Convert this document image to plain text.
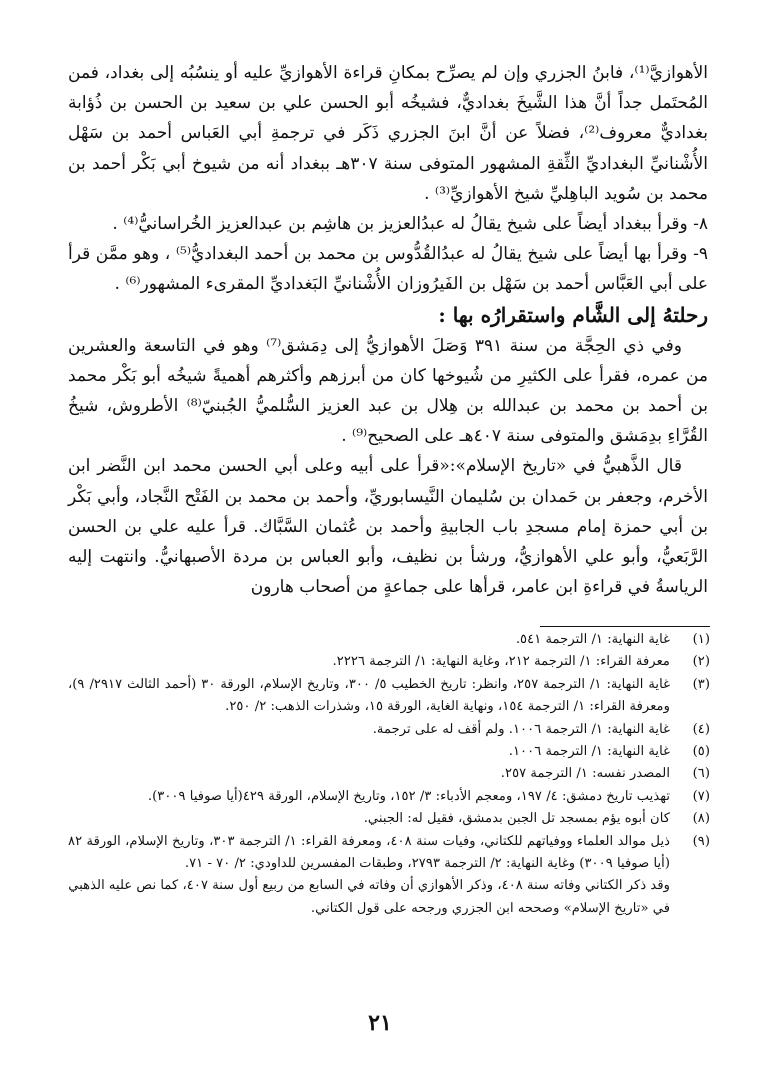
الأهوازيَّ⁽¹⁾، فابنُ الجزري وإن لم يصرِّح بمكانِ قراءة الأهوازيِّ عليه أو ينسُبُه إلى بغداد، فمن المُحتَمل جداً أنَّ هذا الشَّيخَ بغداديٌّ، فشيخُه أبو الحسن علي بن سعيد بن الحسن بن ذُؤابة بغداديٌّ معروف⁽²⁾، فضلاً عن أنَّ ابنَ الجزري ذَكَر في ترجمةِ أبي العَباس أحمد بن سَهْل الأُشْنانيِّ البغداديِّ الثِّقةِ المشهور المتوفى سنة ٣٠٧هـ ببغداد أنه من شيوخ أبي بَكْر أحمد بن محمد بن سُويد الباهِليِّ شيخ الأهوازيِّ⁽³⁾ .

٨- وقرأ ببغداد أيضاً على شيخ يقالُ له عبدُالعزيز بن هاشِم بن عبدالعزيز الخُراسانيُّ⁽⁴⁾ .

٩- وقرأ بها أيضاً على شيخ يقالُ له عبدُالقُدُّوس بن محمد بن أحمد البغداديُّ⁽⁵⁾ ، وهو ممَّن قرأ على أبي العَبَّاس أحمد بن سَهْل بن الفَيرُوزان الأُشْنانيِّ البَغداديِّ المقرىء المشهور⁽⁶⁾ .

رحلتهُ إلى الشَّام واستقرارُه بها :

وفي ذي الحِجَّة من سنة ٣٩١ وَصَلَ الأهوازيُّ إلى دِمَشق⁽⁷⁾ وهو في التاسعة والعشرين من عمره، فقرأ على الكثيرِ من شُيوخها كان من أبرزهم وأكثرهم أهميةً شيخُه أبو بَكْر محمد بن أحمد بن محمد بن عبدالله بن هِلال بن عبد العزيز السُّلميُّ الجُبنيّ⁽⁸⁾ الأطروش، شيخُ القُرَّاءِ بدِمَشق والمتوفى سنة ٤٠٧هـ على الصحيح⁽⁹⁾ .

قال الذَّهبيُّ في «تاريخ الإسلام»:«قرأ على أبيه وعلى أبي الحسن محمد ابن النَّضر ابن الأخرم، وجعفر بن حَمدان بن سُليمان النَّيسابوريِّ، وأحمد بن محمد بن الفَتْح النَّجاد، وأبي بَكْر بن أبي حمزة إمام مسجدِ باب الجابيةِ وأحمد بن عُثمان السَّبَّاك. قرأ عليه علي بن الحسن الرَّبَعيُّ، وأبو علي الأهوازيُّ، ورشأ بن نظيف، وأبو العباس بن مردة الأصبهانيُّ. وانتهت إليه الرياسةُ في قراءةِ ابن عامر، قرأها على جماعةٍ من أصحاب هارون

(١)
غاية النهاية: ١/ الترجمة ٥٤١.
(٢)
معرفة القراء: ١/ الترجمة ٢١٢، وغاية النهاية: ١/ الترجمة ٢٢٢٦.
(٣)
غاية النهاية: ١/ الترجمة ٢٥٧، وانظر: تاريخ الخطيب ٥/ ٣٠٠، وتاريخ الإسلام، الورقة ٣٠ (أحمد الثالث ٢٩١٧/ ٩)، ومعرفة القراء: ١/ الترجمة ١٥٤، ونهاية الغاية، الورقة ١٥، وشذرات الذهب: ٢/ ٢٥٠.
(٤)
غاية النهاية: ١/ الترجمة ١٠٠٦. ولم أقف له على ترجمة.
(٥)
غاية النهاية: ١/ الترجمة ١٠٠٦.
(٦)
المصدر نفسه: ١/ الترجمة ٢٥٧.
(٧)
تهذيب تاريخ دمشق: ٤/ ١٩٧، ومعجم الأدباء: ٣/ ١٥٢، وتاريخ الإسلام، الورقة ٤٢٩(أيا صوفيا ٣٠٠٩).
(٨)
كان أبوه يؤم بمسجد تل الجبن بدمشق، فقيل له: الجبني.
(٩)
ذيل موالد العلماء ووفياتهم للكتاني، وفيات سنة ٤٠٨، ومعرفة القراء: ١/ الترجمة ٣٠٣، وتاريخ الإسلام، الورقة ٨٢ (أيا صوفيا ٣٠٠٩) وغاية النهاية: ٢/ الترجمة ٢٧٩٣، وطبقات المفسرين للداودي: ٢/ ٧٠ - ٧١.
وقد ذكر الكتاني وفاته سنة ٤٠٨، وذكر الأهوازي أن وفاته في السابع من ربيع أول سنة ٤٠٧، كما نص عليه الذهبي في «تاريخ الإسلام» وصححه ابن الجزري ورجحه على قول الكتاني.
٢١
